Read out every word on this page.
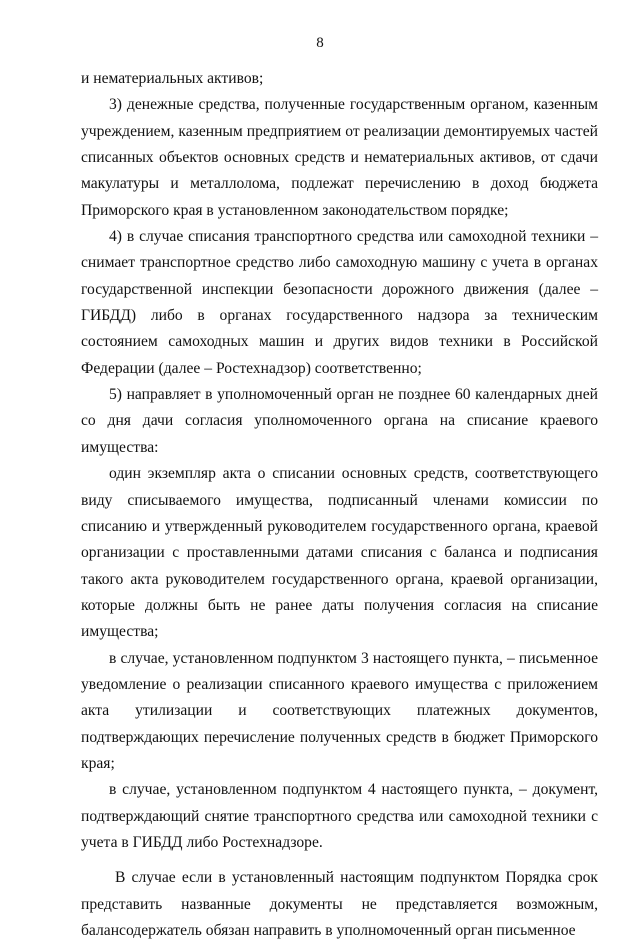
8

и нематериальных активов;

3) денежные средства, полученные государственным органом, казенным учреждением, казенным предприятием от реализации демонтируемых частей списанных объектов основных средств и нематериальных активов, от сдачи макулатуры и металлолома, подлежат перечислению в доход бюджета Приморского края в установленном законодательством порядке;

4) в случае списания транспортного средства или самоходной техники – снимает транспортное средство либо самоходную машину с учета в органах государственной инспекции безопасности дорожного движения (далее – ГИБДД) либо в органах государственного надзора за техническим состоянием самоходных машин и других видов техники в Российской Федерации (далее – Ростехнадзор) соответственно;

5) направляет в уполномоченный орган не позднее 60 календарных дней со дня дачи согласия уполномоченного органа на списание краевого имущества:

один экземпляр акта о списании основных средств, соответствующего виду списываемого имущества, подписанный членами комиссии по списанию и утвержденный руководителем государственного органа, краевой организации с проставленными датами списания с баланса и подписания такого акта руководителем государственного органа, краевой организации, которые должны быть не ранее даты получения согласия на списание имущества;

в случае, установленном подпунктом 3 настоящего пункта, – письменное уведомление о реализации списанного краевого имущества с приложением акта утилизации и соответствующих платежных документов, подтверждающих перечисление полученных средств в бюджет Приморского края;

в случае, установленном подпунктом 4 настоящего пункта, – документ, подтверждающий снятие транспортного средства или самоходной техники с учета в ГИБДД либо Ростехнадзоре.

В случае если в установленный настоящим подпунктом Порядка срок представить названные документы не представляется возможным, балансодержатель обязан направить в уполномоченный орган письменное
